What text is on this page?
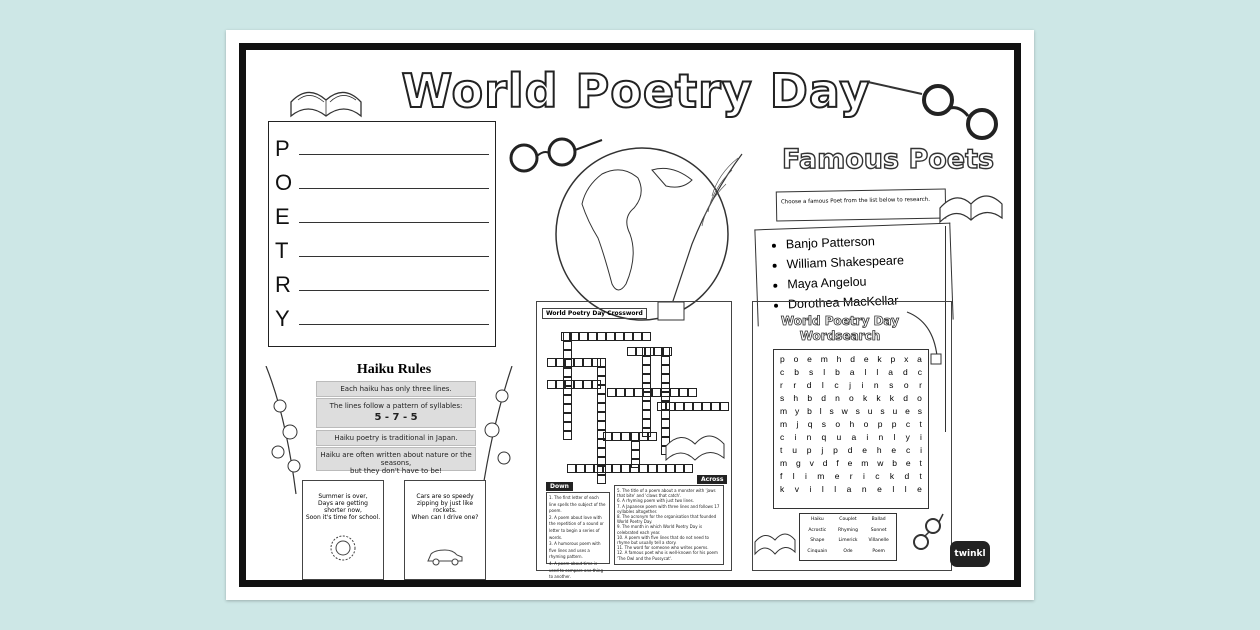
World Poetry Day
P
O
E
T
R
Y
Famous Poets
Choose a famous Poet from the list below to research.
• Banjo Patterson
• William Shakespeare
• Maya Angelou
• Dorothea MacKellar
Haiku Rules
Each haiku has only three lines.
The lines follow a pattern of syllables:
5 - 7 - 5
Haiku poetry is traditional in Japan.
Haiku are often written about nature or the seasons,
but they don't have to be!
Summer is over,
Days are getting
shorter now,
Soon it's time for school.
Cars are so speedy
zipping by just like rockets.
When can I drive one?
World Poetry Day Crossword
Down
Across
1. The first letter of each line spells the subject of the poem.
2. A poem about love with the repetition of a sound or letter to begin a series of words.
3. A humorous poem with five lines and uses a rhyming pattern.
4. A poem about time is used to compare one thing to another.
5. The title of a poem about a monster with 'jaws that bite' and 'claws that catch'.
6. A rhyming poem with just two lines.
7. A Japanese poem with three lines and follows 17 syllables altogether.
8. The acronym for the organisation that founded World Poetry Day.
9. The month in which World Poetry Day is celebrated each year.
10. A poem with five lines that do not need to rhyme but usually tell a story.
11. The word for someone who writes poems.
12. A famous poet who is well-known for his poem 'The Owl and the Pussycat'.
World Poetry Day
Wordsearch
p o e m h d e k p x a
c b s l b a l l a d c
r r d l c j i n s o r
s h b d n o k k k d o
m y b l s w s u s u e s
m j q s o h o p p c t
c i n q u a i n l y i
t u p j p d e h e c i
m g v d f e m w b e t
f l i m e r i c k d t
k v i l l a n e l l e
Haiku	Couplet	Ballad
Acrostic	Rhyming	Sonnet
Shape	Limerick	Villanelle
Cinquain	Ode	Poem	twinkl
